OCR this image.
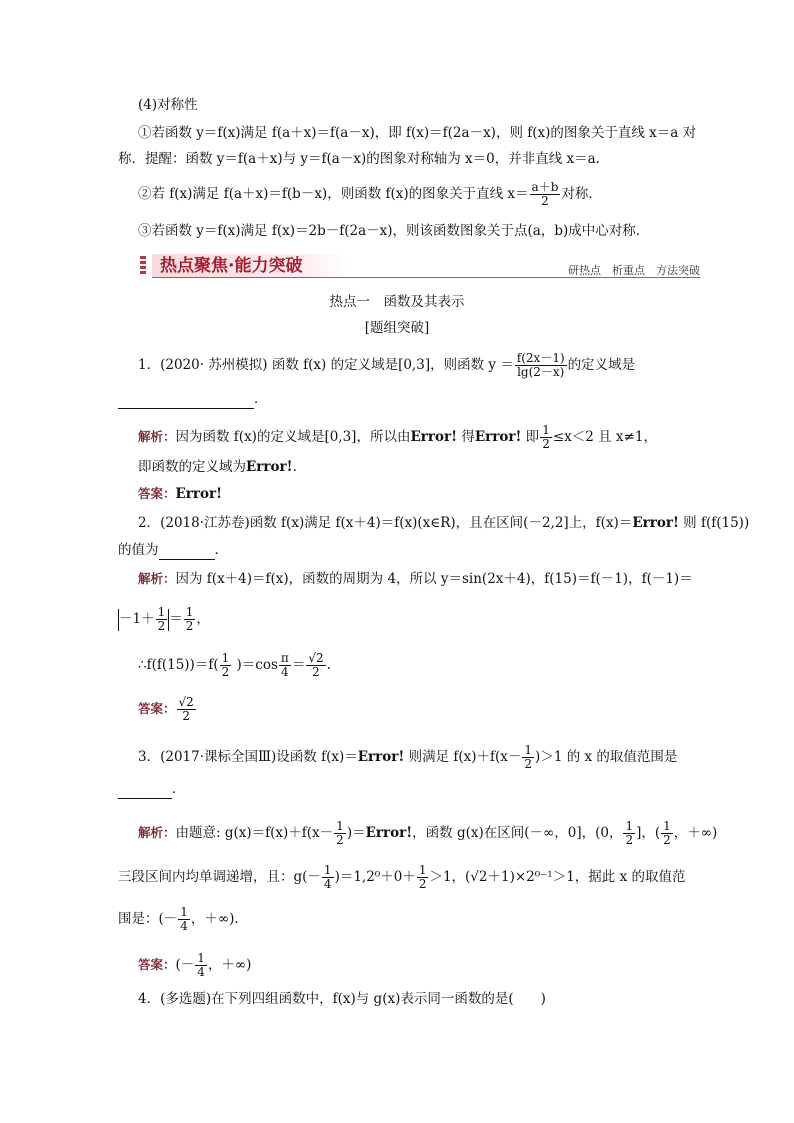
(4)对称性
①若函数 y＝f(x)满足 f(a＋x)＝f(a－x)，即 f(x)＝f(2a－x)，则 f(x)的图象关于直线 x＝a 对
称．提醒：函数 y＝f(a＋x)与 y＝f(a－x)的图象对称轴为 x＝0，并非直线 x＝a.
②若 f(x)满足 f(a＋x)＝f(b－x)，则函数 f(x)的图象关于直线 $x= \frac{a+b}{2}$ 对称．
③若函数 y＝f(x)满足 f(x)＝2b－f(2a－x)，则该函数图象关于点(a，b)成中心对称．
热点聚焦·能力突破	研热点　析重点　方法突破
热点一　函数及其表示
[题组突破]
1．(2020· 苏州模拟) 函数 f(x) 的定义域是[0,3]，则函数 $y = \frac{f(2x-1)}{\lg(2-x)}$ 的定义域是
．
解析：因为函数 f(x)的定义域是[0,3]，所以由Error! 得Error! 即 $\frac{1}{2} \le x<2$ 且 x≠1，
即函数的定义域为Error!.
答案：Error!
2．(2018·江苏卷)函数 f(x)满足 f(x＋4)＝f(x)(x∈R)，且在区间(－2,2]上，f(x)＝Error! 则 f(f(15))
的值为	．
解析：因为 f(x＋4)＝f(x)，函数的周期为 4，所以 y＝sin(2x＋4)，f(15)＝f(－1)，f(－1)＝
$-1+ \frac{1}{2} = \frac{1}{2}$ ，
∴f(f(15))＝f( $\frac{1}{2} )=\cos \frac{\pi}{4} = \frac{√2}{2}$ .
答案： $\frac{√2}{2}$
3．(2017·课标全国Ⅲ)设函数 f(x)＝Error! 则满足 $f(x)+f(x- \frac{1}{2} )>1$ 的 x 的取值范围是
．
解析：由题意: $g(x)=f(x)+f(x- \frac{1}{2}$ )＝Error!，函数 g(x)在区间(－∞，0]，(0， $\frac{1}{2}$ ]，( $\frac{1}{2}$ ，＋∞)
三段区间内均单调递增，且：$g(- \frac{1}{4} )=1,2^0+0+ \frac{1}{2} >1$，(√2＋1)×2⁰⁻¹＞1，据此 x 的取值范
围是：(－ $\frac{1}{4}$ ，＋∞).
答案：(－ $\frac{1}{4}$ ，＋∞)
4．(多选题)在下列四组函数中，f(x)与 g(x)表示同一函数的是(　　)
